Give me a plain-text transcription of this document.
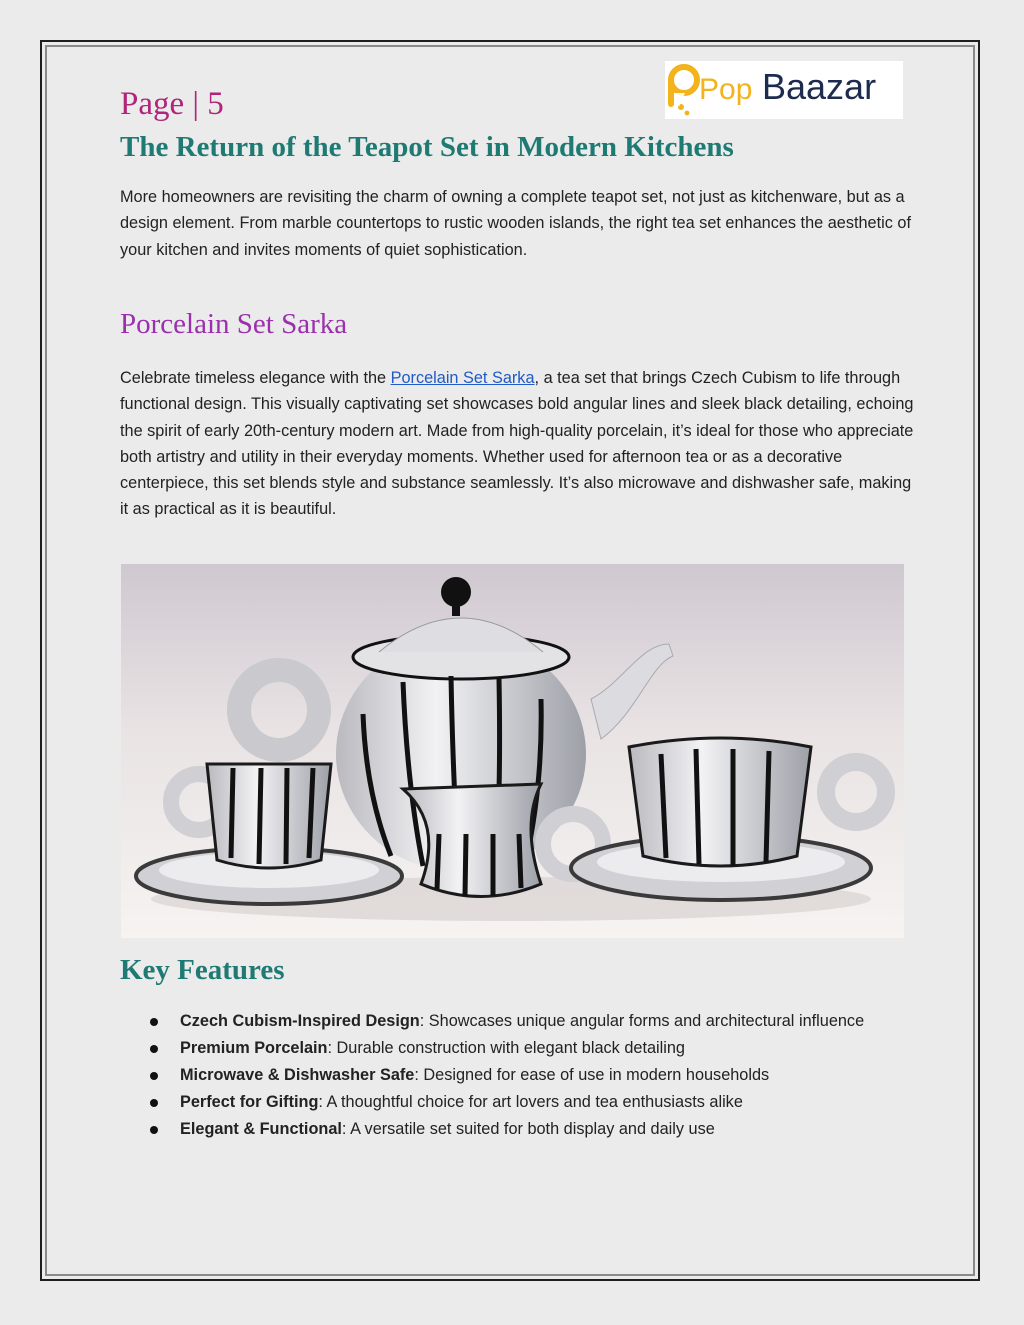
Page | 5
The Return of the Teapot Set in Modern Kitchens
Pop Baazar

More homeowners are revisiting the charm of owning a complete teapot set, not just as kitchenware, but as a design element. From marble countertops to rustic wooden islands, the right tea set enhances the aesthetic of your kitchen and invites moments of quiet sophistication.

Porcelain Set Sarka

Celebrate timeless elegance with the Porcelain Set Sarka, a tea set that brings Czech Cubism to life through functional design. This visually captivating set showcases bold angular lines and sleek black detailing, echoing the spirit of early 20th-century modern art. Made from high-quality porcelain, it’s ideal for those who appreciate both artistry and utility in their everyday moments. Whether used for afternoon tea or as a decorative centerpiece, this set blends style and substance seamlessly. It’s also microwave and dishwasher safe, making it as practical as it is beautiful.

Key Features
Czech Cubism-Inspired Design: Showcases unique angular forms and architectural influence
Premium Porcelain: Durable construction with elegant black detailing
Microwave & Dishwasher Safe: Designed for ease of use in modern households
Perfect for Gifting: A thoughtful choice for art lovers and tea enthusiasts alike
Elegant & Functional: A versatile set suited for both display and daily use
